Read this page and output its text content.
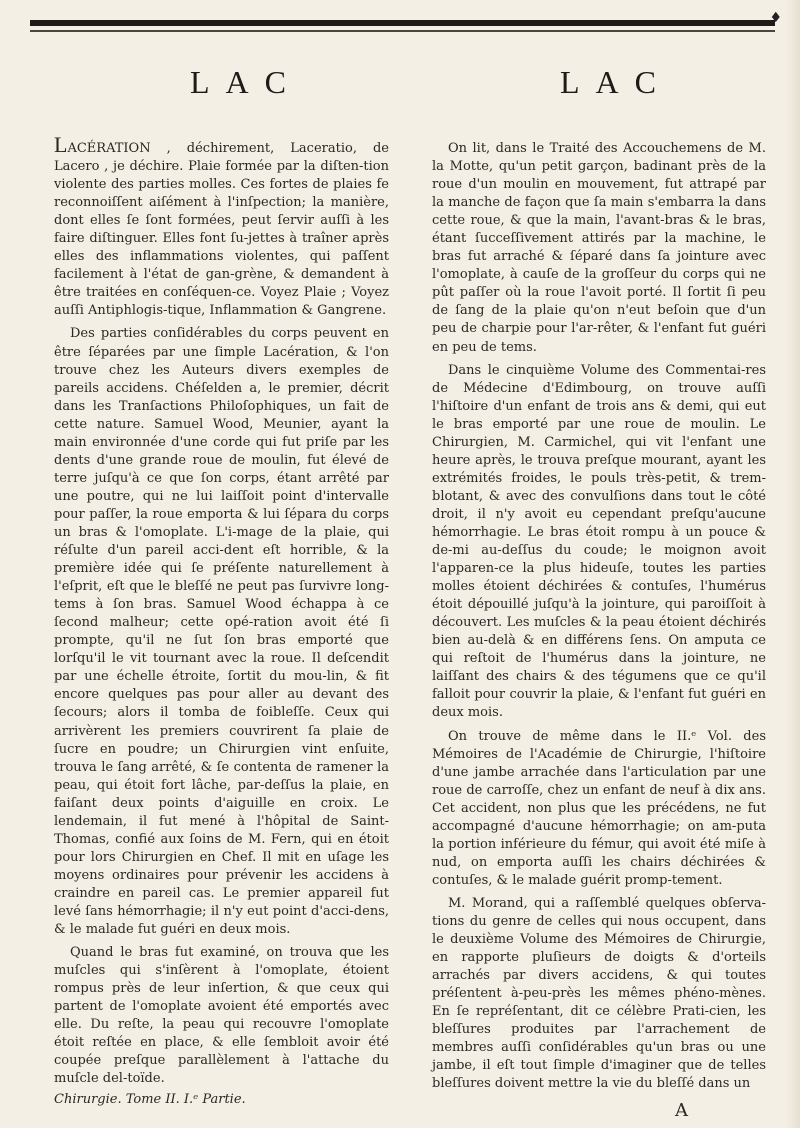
♦
LAC	LAC

LACÉRATION , déchirement, Laceratio, de Lacero , je déchire. Plaie formée par la diſten-tion violente des parties molles. Ces fortes de plaies fe reconnoiſſent aiſément à l'inſpection; la manière, dont elles ſe ſont formées, peut ſervir auſſi à les faire diſtinguer. Elles font ſu-jettes à traîner après elles des inflammations violentes, qui paſſent facilement à l'état de gan-grène, & demandent à être traitées en conſéquen-ce. Voyez Plaie ; Voyez auſſi Antiphlogis-tique, Inflammation & Gangrene.

Des parties conſidérables du corps peuvent en être ſéparées par une ſimple Lacération, & l'on trouve chez les Auteurs divers exemples de pareils accidens. Chéſelden a, le premier, décrit dans les Tranſactions Philoſophiques, un fait de cette nature. Samuel Wood, Meunier, ayant la main environnée d'une corde qui fut priſe par les dents d'une grande roue de moulin, fut élevé de terre juſqu'à ce que ſon corps, étant arrêté par une poutre, qui ne lui laiſſoit point d'intervalle pour paſſer, la roue emporta & lui ſépara du corps un bras & l'omoplate. L'i-mage de la plaie, qui réſulte d'un pareil acci-dent eſt horrible, & la première idée qui ſe préſente naturellement à l'eſprit, eſt que le bleſſé ne peut pas ſurvivre long-tems à ſon bras. Samuel Wood échappa à ce ſecond malheur; cette opé-ration avoit été ſi prompte, qu'il ne ſut ſon bras emporté que lorſqu'il le vit tournant avec la roue. Il deſcendit par une échelle étroite, ſortit du mou-lin, & fit encore quelques pas pour aller au devant des ſecours; alors il tomba de foibleſſe. Ceux qui arrivèrent les premiers couvrirent ſa plaie de ſucre en poudre; un Chirurgien vint enſuite, trouva le ſang arrêté, & ſe contenta de ramener la peau, qui étoit fort lâche, par-deſſus la plaie, en faiſant deux points d'aiguille en croix. Le lendemain, il fut mené à l'hôpital de Saint-Thomas, confié aux ſoins de M. Fern, qui en étoit pour lors Chirurgien en Chef. Il mit en uſage les moyens ordinaires pour prévenir les accidens à craindre en pareil cas. Le premier appareil fut levé ſans hémorrhagie; il n'y eut point d'acci-dens, & le malade fut guéri en deux mois.

Quand le bras fut examiné, on trouva que les muſcles qui s'inſèrent à l'omoplate, étoient rompus près de leur inſertion, & que ceux qui partent de l'omoplate avoient été emportés avec elle. Du reſte, la peau qui recouvre l'omoplate étoit reſtée en place, & elle ſembloit avoir été coupée preſque parallèlement à l'attache du muſcle del-toïde.

On lit, dans le Traité des Accouchemens de M. la Motte, qu'un petit garçon, badinant près de la roue d'un moulin en mouvement, fut attrapé par la manche de façon que ſa main s'embarra la dans cette roue, & que la main, l'avant-bras & le bras, étant ſucceſſivement attirés par la machine, le bras fut arraché & ſéparé dans ſa jointure avec l'omoplate, à cauſe de la groſſeur du corps qui ne pût paſſer où la roue l'avoit porté. Il ſortit ſi peu de ſang de la plaie qu'on n'eut beſoin que d'un peu de charpie pour l'ar-rêter, & l'enfant fut guéri en peu de tems.

Dans le cinquième Volume des Commentai-res de Médecine d'Edimbourg, on trouve auſſi l'hiſtoire d'un enfant de trois ans & demi, qui eut le bras emporté par une roue de moulin. Le Chirurgien, M. Carmichel, qui vit l'enfant une heure après, le trouva preſque mourant, ayant les extrémités froides, le pouls très-petit, & trem-blotant, & avec des convulſions dans tout le côté droit, il n'y avoit eu cependant preſqu'aucune hémorrhagie. Le bras étoit rompu à un pouce & de-mi au-deſſus du coude; le moignon avoit l'apparen-ce la plus hideuſe, toutes les parties molles étoient déchirées & contuſes, l'humérus étoit dépouillé juſqu'à la jointure, qui paroiſſoit à découvert. Les muſcles & la peau étoient déchirés bien au-delà & en différens ſens. On amputa ce qui reſtoit de l'humérus dans la jointure, ne laiſſant des chairs & des tégumens que ce qu'il falloit pour couvrir la plaie, & l'enfant fut guéri en deux mois.

On trouve de même dans le II.ᵉ Vol. des Mémoires de l'Académie de Chirurgie, l'hiſtoire d'une jambe arrachée dans l'articulation par une roue de carroſſe, chez un enfant de neuf à dix ans. Cet accident, non plus que les précédens, ne fut accompagné d'aucune hémorrhagie; on am-puta la portion inférieure du fémur, qui avoit été miſe à nud, on emporta auſſi les chairs déchirées & contuſes, & le malade guérit promp-tement.

M. Morand, qui a raſſemblé quelques obſerva-tions du genre de celles qui nous occupent, dans le deuxième Volume des Mémoires de Chirurgie, en rapporte pluſieurs de doigts & d'orteils arrachés par divers accidens, & qui toutes préſentent à-peu-près les mêmes phéno-mènes. En ſe repréſentant, dit ce célèbre Prati-cien, les bleſſures produites par l'arrachement de membres auſſi conſidérables qu'un bras ou une jambe, il eſt tout ſimple d'imaginer que de telles bleſſures doivent mettre la vie du bleſſé dans un

Chirurgie. Tome II. I.ᵉ Partie.
A
